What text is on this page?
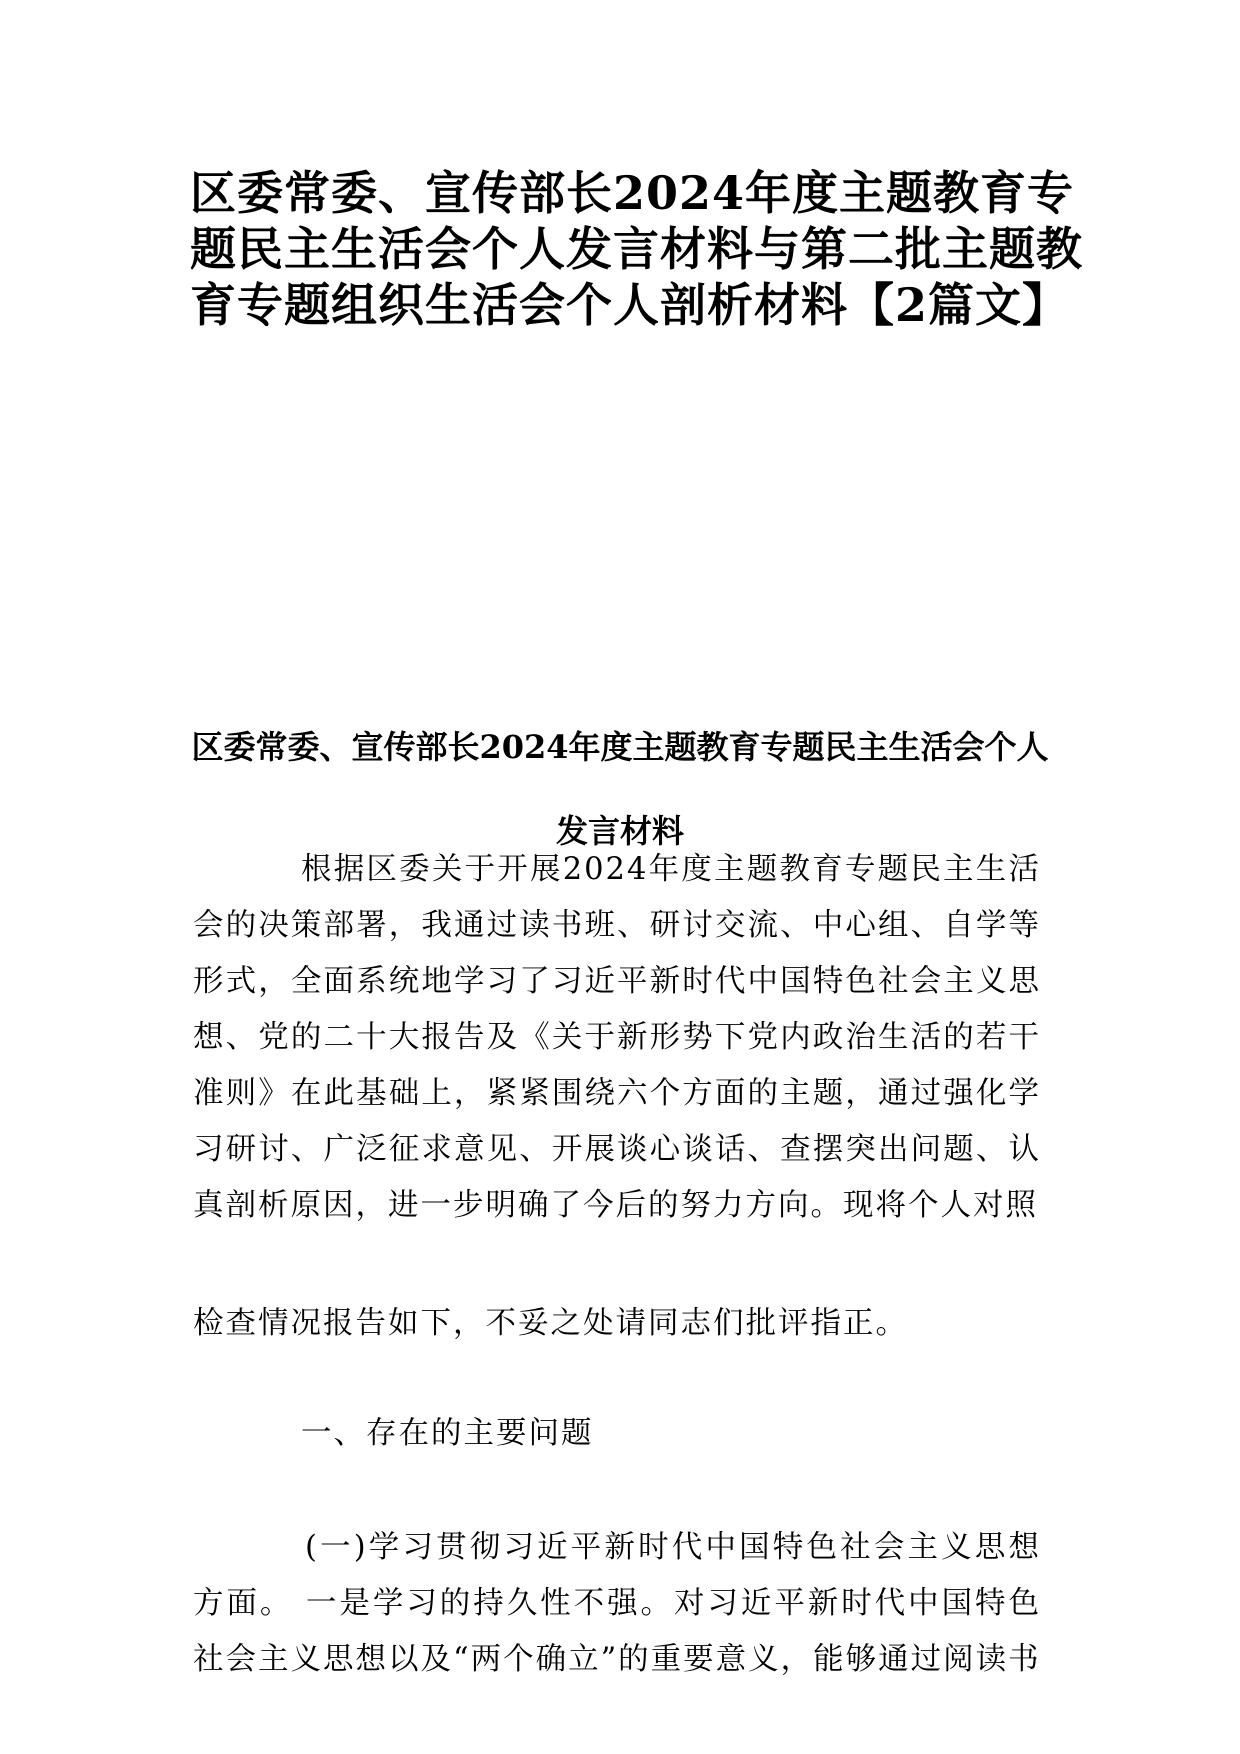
区委常委、宣传部长2024年度主题教育专题民主生活会个人发言材料与第二批主题教育专题组织生活会个人剖析材料【2篇文】
区委常委、宣传部长2024年度主题教育专题民主生活会个人发言材料

根据区委关于开展2024年度主题教育专题民主生活 会的决策部署，我通过读书班、研讨交流、中心组、自学等 形式，全面系统地学习了习近平新时代中国特色社会主义思 想、党的二十大报告及《关于新形势下党内政治生活的若干 准则》在此基础上，紧紧围绕六个方面的主题，通过强化学 习研讨、广泛征求意见、开展谈心谈话、查摆突出问题、认 真剖析原因，进一步明确了今后的努力方向。现将个人对照

检查情况报告如下，不妥之处请同志们批评指正。

一、存在的主要问题

(一)学习贯彻习近平新时代中国特色社会主义思想方面。 一是学习的持久性不强。对习近平新时代中国特色社会主义思想以及“两个确立”的重要意义，能够通过阅读书
